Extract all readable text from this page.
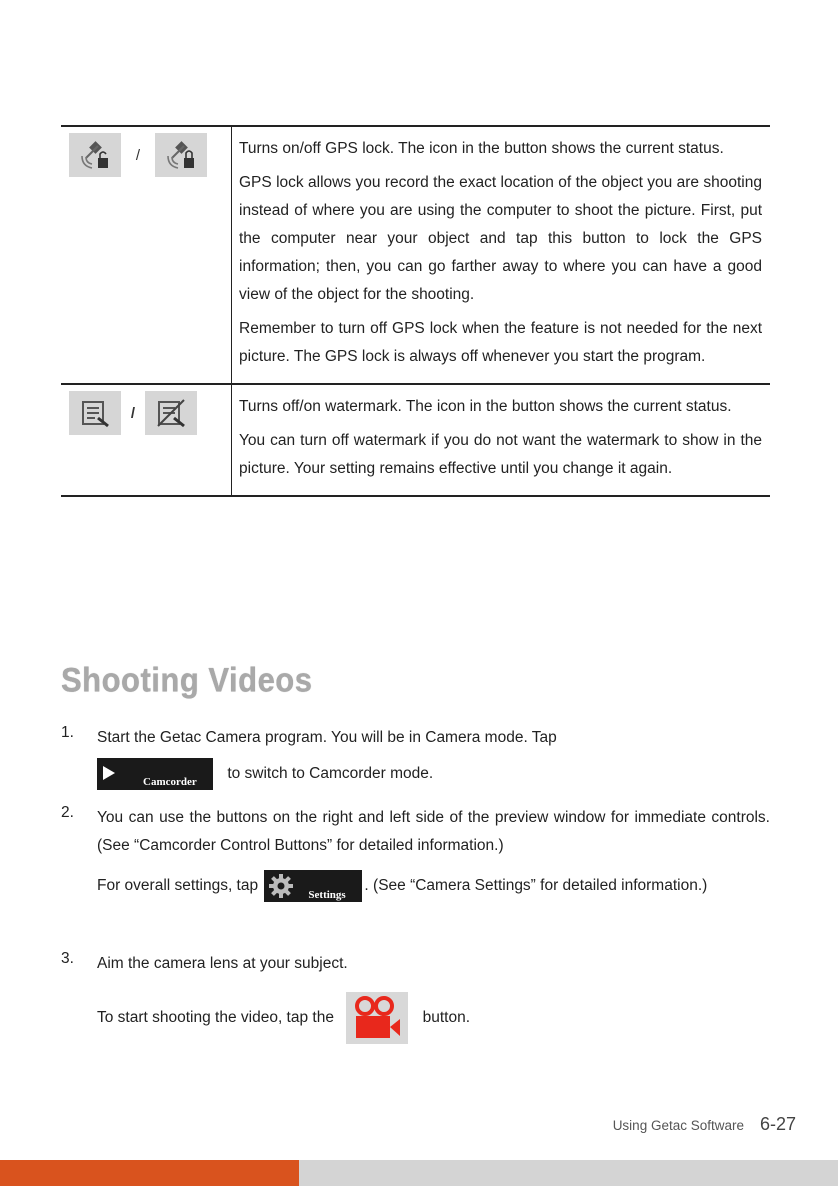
/	Turns on/off GPS lock. The icon in the button shows the current status.

GPS lock allows you record the exact location of the object you are shooting instead of where you are using the computer to shoot the picture. First, put the computer near your object and tap this button to lock the GPS information; then, you can go farther away to where you can have a good view of the object for the shooting.

Remember to turn off GPS lock when the feature is not needed for the next picture. The GPS lock is always off whenever you start the program.

/	Turns off/on watermark. The icon in the button shows the current status.

You can turn off watermark if you do not want the watermark to show in the picture. Your setting remains effective until you change it again.

Shooting Videos
1.	Start the Getac Camera program. You will be in Camera mode. Tap

Camcorder to switch to Camcorder mode.

2.	You can use the buttons on the right and left side of the preview window for immediate controls. (See “Camcorder Control Buttons” for detailed information.)

For overall settings, tap
Settings
. (See “Camera Settings” for detailed information.)

3.	Aim the camera lens at your subject.

To start shooting the video, tap the	button.

Using Getac Software 6-27
